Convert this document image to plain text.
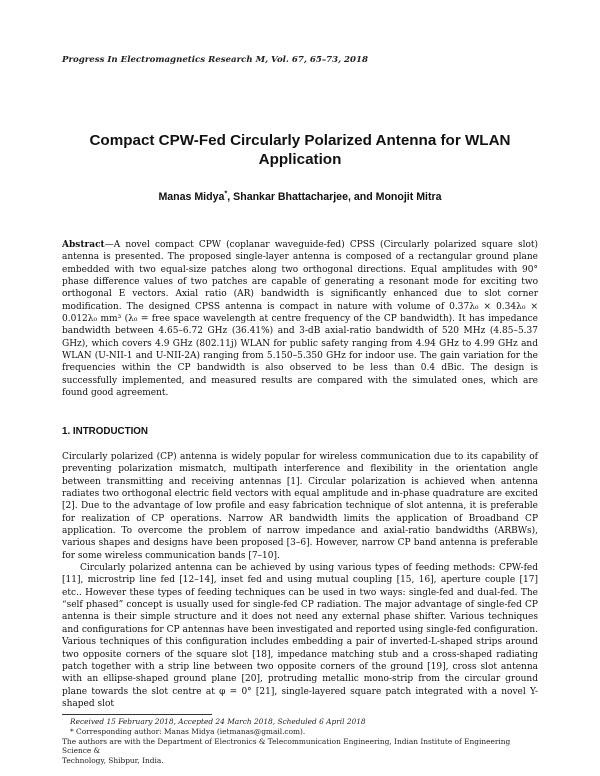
Progress In Electromagnetics Research M, Vol. 67, 65–73, 2018
Compact CPW-Fed Circularly Polarized Antenna for WLAN Application
Manas Midya*, Shankar Bhattacharjee, and Monojit Mitra
Abstract—A novel compact CPW (coplanar waveguide-fed) CPSS (Circularly polarized square slot) antenna is presented. The proposed single-layer antenna is composed of a rectangular ground plane embedded with two equal-size patches along two orthogonal directions. Equal amplitudes with 90° phase difference values of two patches are capable of generating a resonant mode for exciting two orthogonal E vectors. Axial ratio (AR) bandwidth is significantly enhanced due to slot corner modification. The designed CPSS antenna is compact in nature with volume of 0.37λ₀ × 0.34λ₀ × 0.012λ₀ mm³ (λ₀ = free space wavelength at centre frequency of the CP bandwidth). It has impedance bandwidth between 4.65–6.72 GHz (36.41%) and 3-dB axial-ratio bandwidth of 520 MHz (4.85–5.37 GHz), which covers 4.9 GHz (802.11j) WLAN for public safety ranging from 4.94 GHz to 4.99 GHz and WLAN (U-NII-1 and U-NII-2A) ranging from 5.150–5.350 GHz for indoor use. The gain variation for the frequencies within the CP bandwidth is also observed to be less than 0.4 dBic. The design is successfully implemented, and measured results are compared with the simulated ones, which are found good agreement.
1. INTRODUCTION

Circularly polarized (CP) antenna is widely popular for wireless communication due to its capability of preventing polarization mismatch, multipath interference and flexibility in the orientation angle between transmitting and receiving antennas [1]. Circular polarization is achieved when antenna radiates two orthogonal electric field vectors with equal amplitude and in-phase quadrature are excited [2]. Due to the advantage of low profile and easy fabrication technique of slot antenna, it is preferable for realization of CP operations. Narrow AR bandwidth limits the application of Broadband CP application. To overcome the problem of narrow impedance and axial-ratio bandwidths (ARBWs), various shapes and designs have been proposed [3–6]. However, narrow CP band antenna is preferable for some wireless communication bands [7–10].

Circularly polarized antenna can be achieved by using various types of feeding methods: CPW-fed [11], microstrip line fed [12–14], inset fed and using mutual coupling [15, 16], aperture couple [17] etc.. However these types of feeding techniques can be used in two ways: single-fed and dual-fed. The “self phased” concept is usually used for single-fed CP radiation. The major advantage of single-fed CP antenna is their simple structure and it does not need any external phase shifter. Various techniques and configurations for CP antennas have been investigated and reported using single-fed configuration. Various techniques of this configuration includes embedding a pair of inverted-L-shaped strips around two opposite corners of the square slot [18], impedance matching stub and a cross-shaped radiating patch together with a strip line between two opposite corners of the ground [19], cross slot antenna with an ellipse-shaped ground plane [20], protruding metallic mono-strip from the circular ground plane towards the slot centre at φ = 0° [21], single-layered square patch integrated with a novel Y-shaped slot

Received 15 February 2018, Accepted 24 March 2018, Scheduled 6 April 2018

* Corresponding author: Manas Midya (ietmanas@gmail.com).

The authors are with the Department of Electronics & Telecommunication Engineering, Indian Institute of Engineering Science &

Technology, Shibpur, India.
